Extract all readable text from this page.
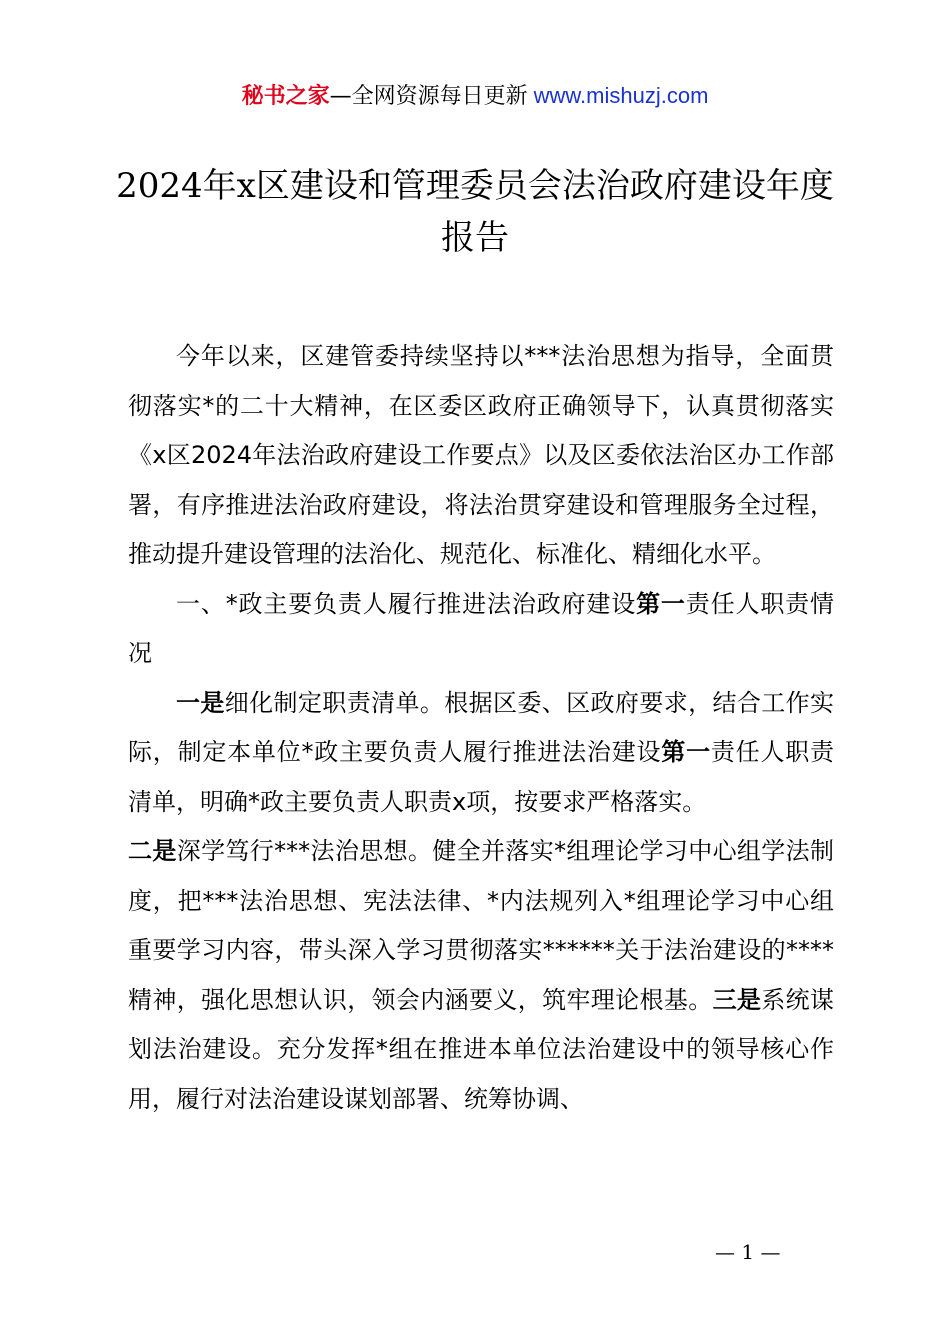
秘书之家—全网资源每日更新 www.mishuzj.com
2024年x区建设和管理委员会法治政府建设年度报告

今年以来，区建管委持续坚持以***法治思想为指导，全面贯彻落实*的二十大精神，在区委区政府正确领导下，认真贯彻落实《x区2024年法治政府建设工作要点》以及区委依法治区办工作部署，有序推进法治政府建设，将法治贯穿建设和管理服务全过程，推动提升建设管理的法治化、规范化、标准化、精细化水平。

一、*政主要负责人履行推进法治政府建设第一责任人职责情况

一是细化制定职责清单。根据区委、区政府要求，结合工作实际，制定本单位*政主要负责人履行推进法治建设第一责任人职责清单，明确*政主要负责人职责x项，按要求严格落实。

二是深学笃行***法治思想。健全并落实*组理论学习中心组学法制度，把***法治思想、宪法法律、*内法规列入*组理论学习中心组重要学习内容，带头深入学习贯彻落实******关于法治建设的****精神，强化思想认识，领会内涵要义，筑牢理论根基。三是系统谋划法治建设。充分发挥*组在推进本单位法治建设中的领导核心作用，履行对法治建设谋划部署、统筹协调、

— 1 —
